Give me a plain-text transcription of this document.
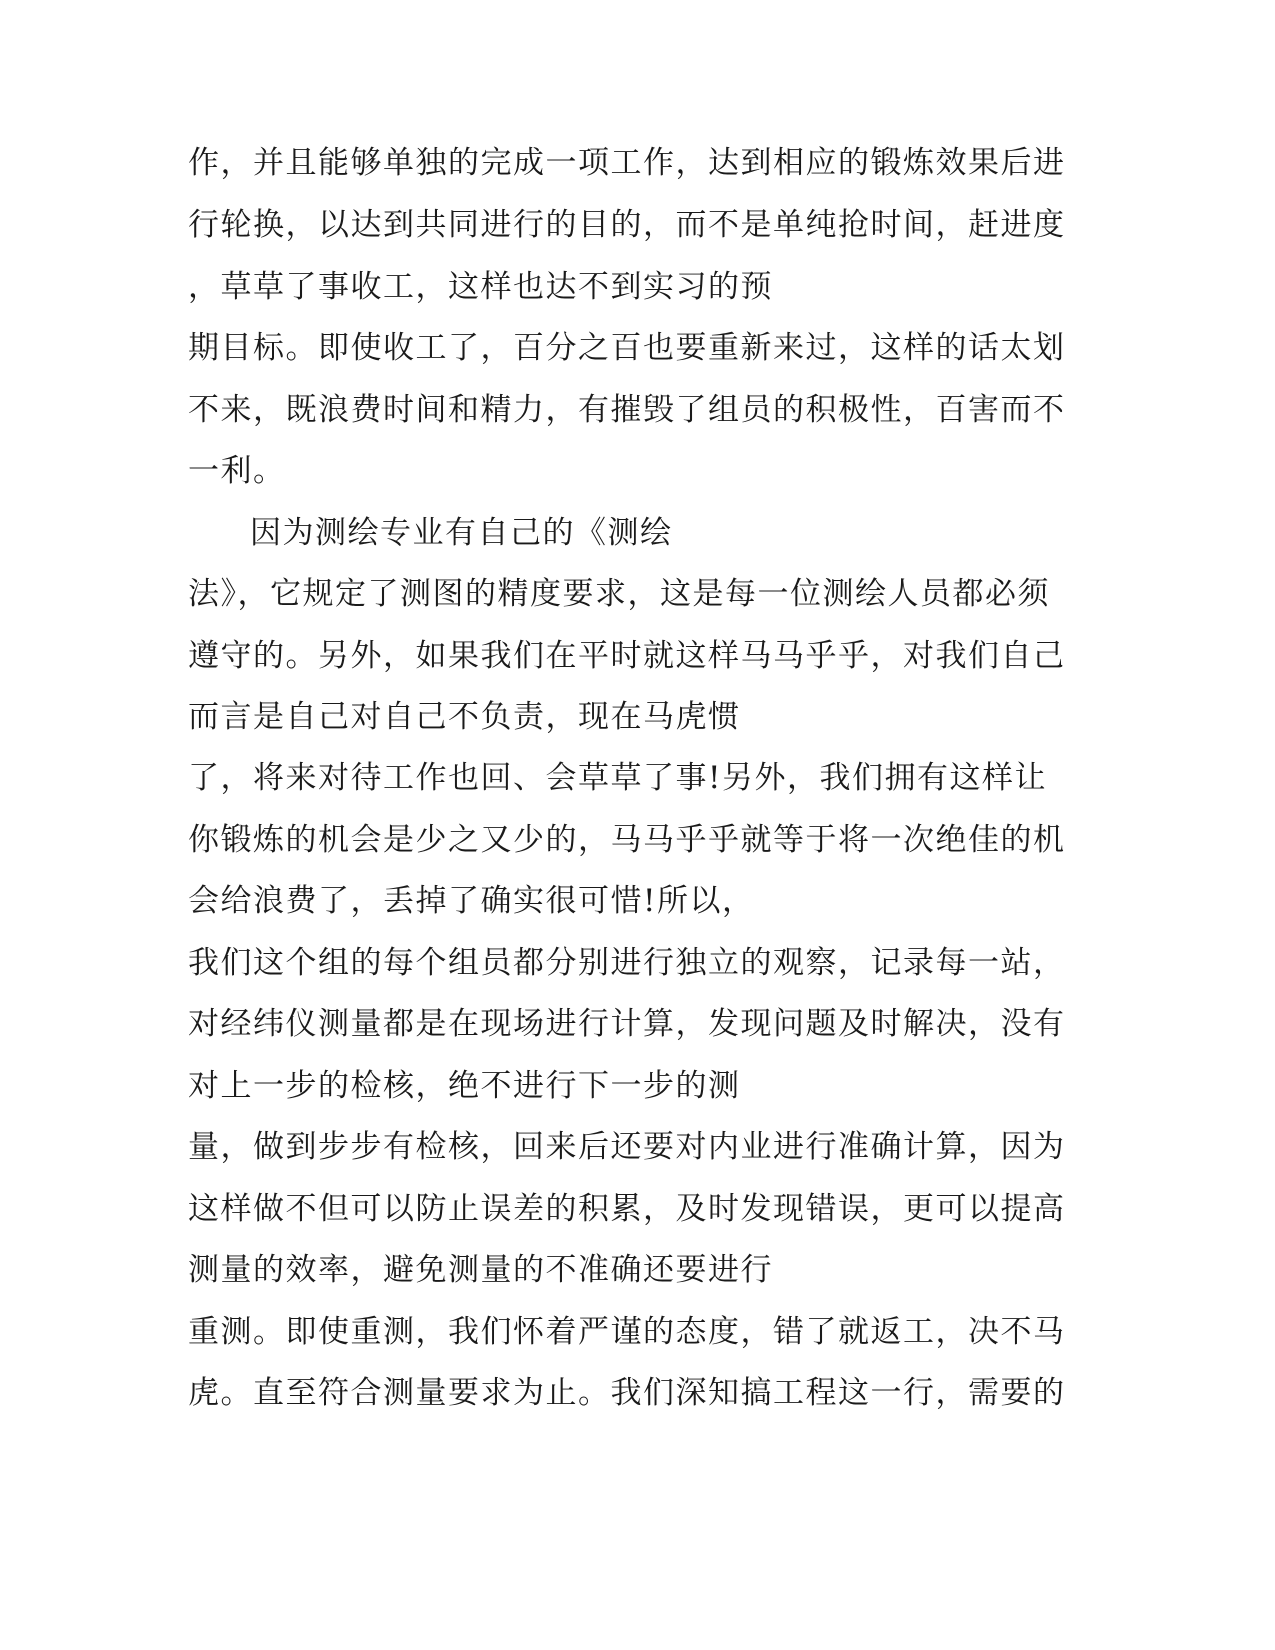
作，并且能够单独的完成一项工作，达到相应的锻炼效果后进
行轮换，以达到共同进行的目的，而不是单纯抢时间，赶进度
，草草了事收工，这样也达不到实习的预
期目标。即使收工了，百分之百也要重新来过，这样的话太划
不来，既浪费时间和精力，有摧毁了组员的积极性，百害而不
一利。
因为测绘专业有自己的《测绘
法》，它规定了测图的精度要求，这是每一位测绘人员都必须
遵守的。另外，如果我们在平时就这样马马乎乎，对我们自己
而言是自己对自己不负责，现在马虎惯
了，将来对待工作也回、会草草了事!另外，我们拥有这样让
你锻炼的机会是少之又少的，马马乎乎就等于将一次绝佳的机
会给浪费了，丢掉了确实很可惜!所以，
我们这个组的每个组员都分别进行独立的观察，记录每一站，
对经纬仪测量都是在现场进行计算，发现问题及时解决，没有
对上一步的检核，绝不进行下一步的测
量，做到步步有检核，回来后还要对内业进行准确计算，因为
这样做不但可以防止误差的积累，及时发现错误，更可以提高
测量的效率，避免测量的不准确还要进行
重测。即使重测，我们怀着严谨的态度，错了就返工，决不马
虎。直至符合测量要求为止。我们深知搞工程这一行，需要的
